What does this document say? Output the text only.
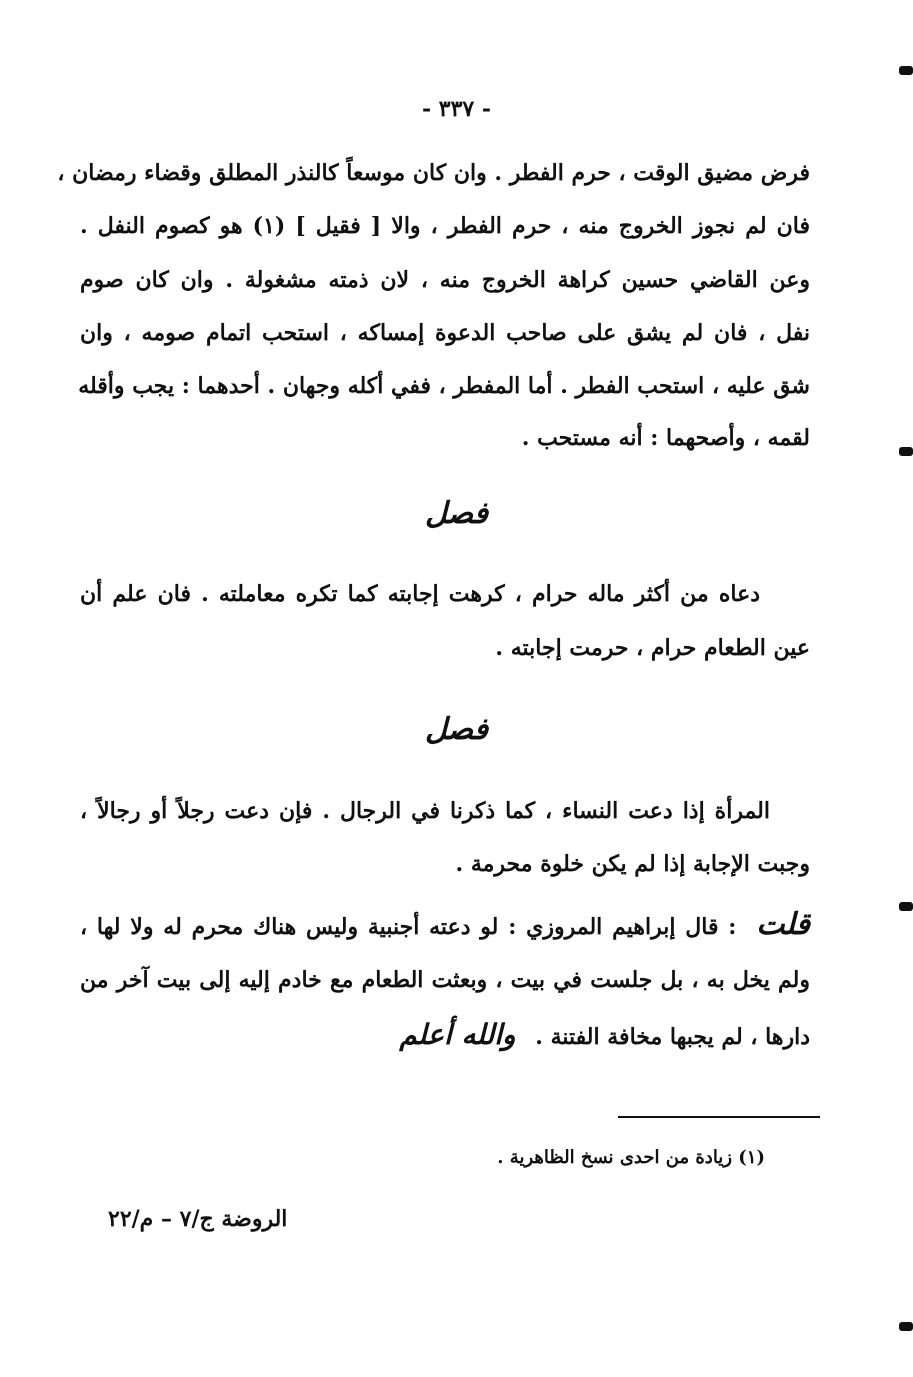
- ٣٣٧ -
فرض مضيق الوقت ، حرم الفطر . وان كان موسعاً كالنذر المطلق وقضاء رمضان ،
فان لم نجوز الخروج منه ، حرم الفطر ، والا [ فقيل ] (١) هو كصوم النفل .
وعن القاضي حسين كراهة الخروج منه ، لان ذمته مشغولة . وان كان صوم
نفل ، فان لم يشق على صاحب الدعوة إمساكه ، استحب اتمام صومه ، وان
شق عليه ، استحب الفطر . أما المفطر ، ففي أكله وجهان . أحدهما : يجب وأقله
لقمه ، وأصحهما : أنه مستحب .
فصل
دعاه من أكثر ماله حرام ، كرهت إجابته كما تكره معاملته . فان علم أن
عين الطعام حرام ، حرمت إجابته .
فصل
المرأة إذا دعت النساء ، كما ذكرنا في الرجال . فإن دعت رجلاً أو رجالاً ،
وجبت الإجابة إذا لم يكن خلوة محرمة .
قلت : قال إبراهيم المروزي : لو دعته أجنبية وليس هناك محرم له ولا لها ،
ولم يخل به ، بل جلست في بيت ، وبعثت الطعام مع خادم إليه إلى بيت آخر من
دارها ، لم يجبها مخافة الفتنة . والله أعلم
(١) زيادة من احدى نسخ الظاهرية .
الروضة ج/٧ – م/٢٢
